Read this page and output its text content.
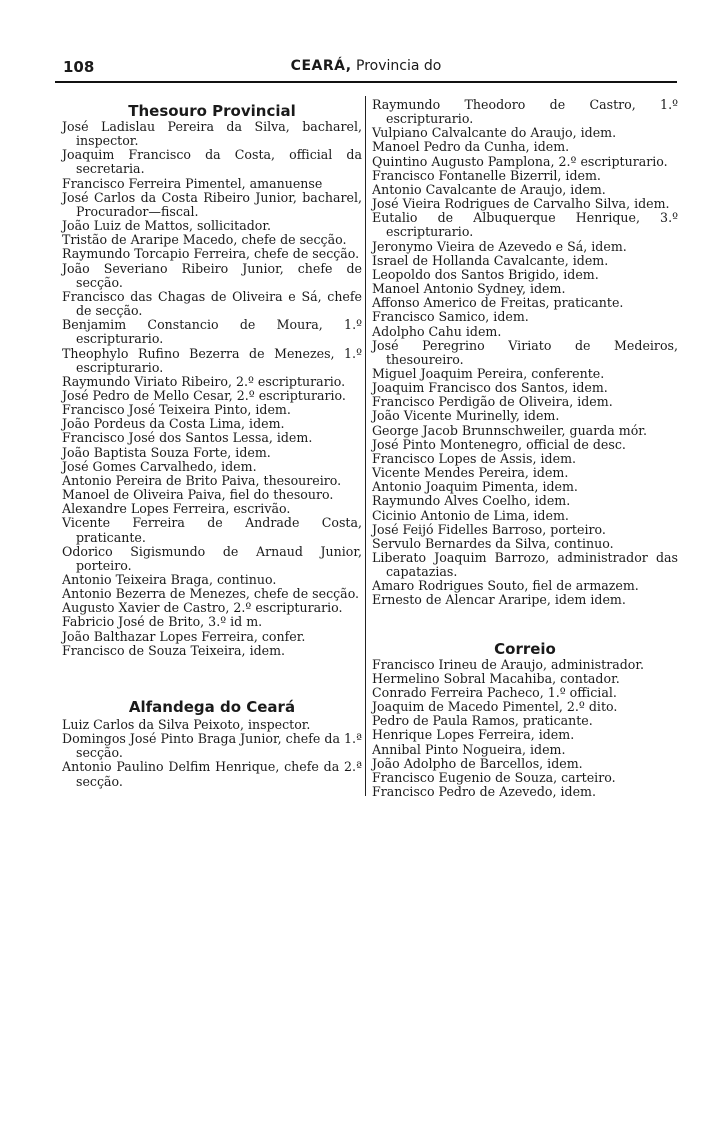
108	CEARÁ, Provincia do

Thesouro Provincial

José Ladislau Pereira da Silva, bacharel, inspector.

Joaquim Francisco da Costa, official da secretaria.

Francisco Ferreira Pimentel, amanuense

José Carlos da Costa Ribeiro Junior, bacharel, Procurador—fiscal.

João Luiz de Mattos, sollicitador.

Tristão de Araripe Macedo, chefe de secção.

Raymundo Torcapio Ferreira, chefe de secção.

João Severiano Ribeiro Junior, chefe de secção.

Francisco das Chagas de Oliveira e Sá, chefe de secção.

Benjamim Constancio de Moura, 1.º escripturario.

Theophylo Rufino Bezerra de Menezes, 1.º escripturario.

Raymundo Viriato Ribeiro, 2.º escripturario.

José Pedro de Mello Cesar, 2.º escripturario.

Francisco José Teixeira Pinto, idem.

João Pordeus da Costa Lima, idem.

Francisco José dos Santos Lessa, idem.

João Baptista Souza Forte, idem.

José Gomes Carvalhedo, idem.

Antonio Pereira de Brito Paiva, thesoureiro.

Manoel de Oliveira Paiva, fiel do thesouro.

Alexandre Lopes Ferreira, escrivão.

Vicente Ferreira de Andrade Costa, praticante.

Odorico Sigismundo de Arnaud Junior, porteiro.

Antonio Teixeira Braga, continuo.

Antonio Bezerra de Menezes, chefe de secção.

Augusto Xavier de Castro, 2.º escripturario.

Fabricio José de Brito, 3.º id m.

João Balthazar Lopes Ferreira, confer.

Francisco de Souza Teixeira, idem.

Alfandega do Ceará

Luiz Carlos da Silva Peixoto, inspector.

Domingos José Pinto Braga Junior, chefe da 1.ª secção.

Antonio Paulino Delfim Henrique, chefe da 2.ª secção.

Raymundo Theodoro de Castro, 1.º escripturario.

Vulpiano Calvalcante do Araujo, idem.

Manoel Pedro da Cunha, idem.

Quintino Augusto Pamplona, 2.º escripturario.

Francisco Fontanelle Bizerril, idem.

Antonio Cavalcante de Araujo, idem.

José Vieira Rodrigues de Carvalho Silva, idem.

Eutalio de Albuquerque Henrique, 3.º escripturario.

Jeronymo Vieira de Azevedo e Sá, idem.

Israel de Hollanda Cavalcante, idem.

Leopoldo dos Santos Brigido, idem.

Manoel Antonio Sydney, idem.

Affonso Americo de Freitas, praticante.

Francisco Samico, idem.

Adolpho Cahu idem.

José Peregrino Viriato de Medeiros, thesoureiro.

Miguel Joaquim Pereira, conferente.

Joaquim Francisco dos Santos, idem.

Francisco Perdigão de Oliveira, idem.

João Vicente Murinelly, idem.

George Jacob Brunnschweiler, guarda mór.

José Pinto Montenegro, official de desc.

Francisco Lopes de Assis, idem.

Vicente Mendes Pereira, idem.

Antonio Joaquim Pimenta, idem.

Raymundo Alves Coelho, idem.

Cicinio Antonio de Lima, idem.

José Feijó Fidelles Barroso, porteiro.

Servulo Bernardes da Silva, continuo.

Liberato Joaquim Barrozo, administrador das capatazias.

Amaro Rodrigues Souto, fiel de armazem.

Ernesto de Alencar Araripe, idem idem.

Correio

Francisco Irineu de Araujo, administrador.

Hermelino Sobral Macahiba, contador.

Conrado Ferreira Pacheco, 1.º official.

Joaquim de Macedo Pimentel, 2.º dito.

Pedro de Paula Ramos, praticante.

Henrique Lopes Ferreira, idem.

Annibal Pinto Nogueira, idem.

João Adolpho de Barcellos, idem.

Francisco Eugenio de Souza, carteiro.

Francisco Pedro de Azevedo, idem.
